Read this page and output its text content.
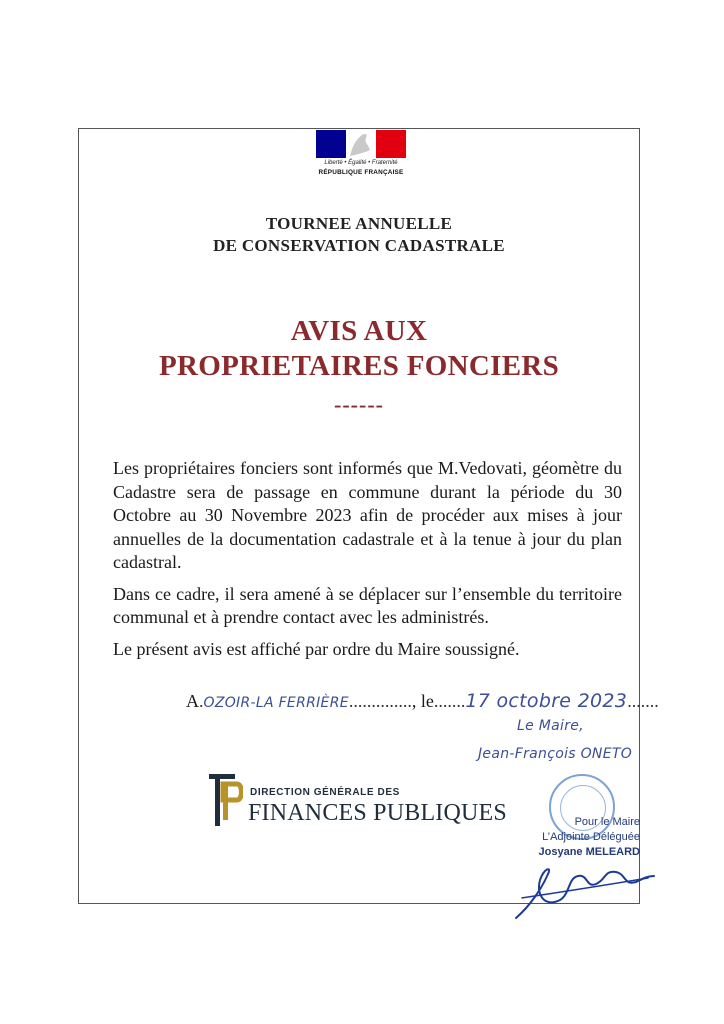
Liberté • Égalité • Fraternité
RÉPUBLIQUE FRANÇAISE
TOURNEE ANNUELLE
DE CONSERVATION CADASTRALE
AVIS AUX
PROPRIETAIRES FONCIERS
------

Les propriétaires fonciers sont informés que M.Vedovati, géomètre du Cadastre sera de passage en commune durant la période du 30 Octobre au 30 Novembre 2023 afin de procéder aux mises à jour annuelles de la documentation cadastrale et à la tenue à jour du plan cadastral.

Dans ce cadre, il sera amené à se déplacer sur l’ensemble du territoire communal et à prendre contact avec les administrés.

Le présent avis est affiché par ordre du Maire soussigné.

A.OZOIR-LA FERRIÈRE.............., le.......17 octobre 2023.......
Le Maire,
Jean-François ONETO
DIRECTION GÉNÉRALE DES
FINANCES PUBLIQUES	Pour le Maire
L’Adjointe Déléguée
Josyane MELEARD
